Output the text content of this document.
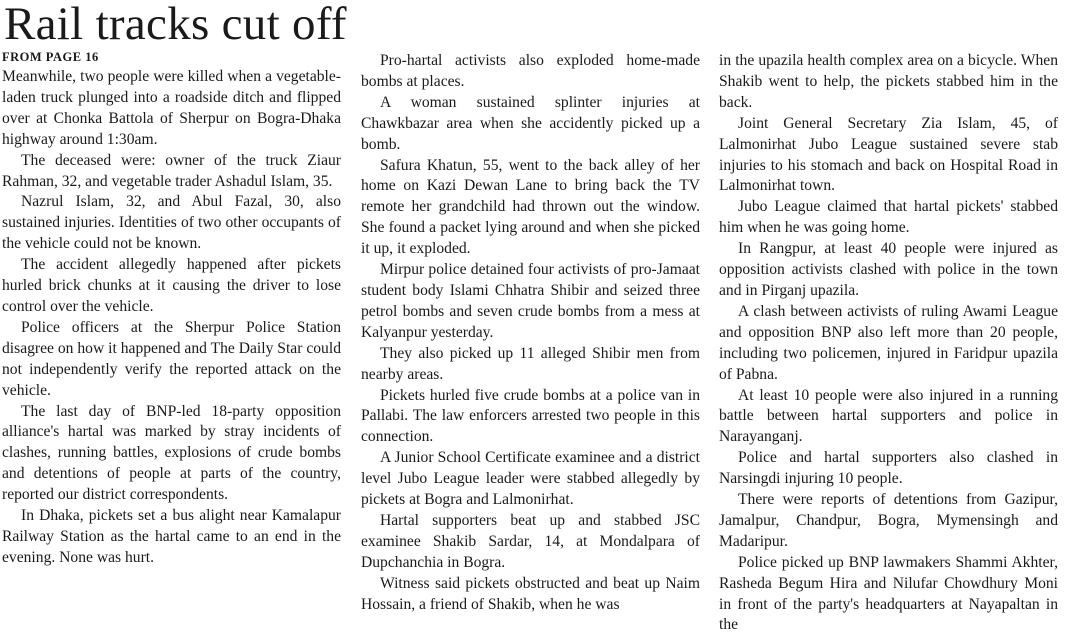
Rail tracks cut off
FROM PAGE 16

Meanwhile, two people were killed when a vegetable-laden truck plunged into a roadside ditch and flipped over at Chonka Battola of Sherpur on Bogra-Dhaka highway around 1:30am.

The deceased were: owner of the truck Ziaur Rahman, 32, and vegetable trader Ashadul Islam, 35.

Nazrul Islam, 32, and Abul Fazal, 30, also sustained injuries. Identities of two other occupants of the vehicle could not be known.

The accident allegedly happened after pickets hurled brick chunks at it causing the driver to lose control over the vehicle.

Police officers at the Sherpur Police Station disagree on how it happened and The Daily Star could not independently verify the reported attack on the vehicle.

The last day of BNP-led 18-party opposition alliance's hartal was marked by stray incidents of clashes, running battles, explosions of crude bombs and detentions of people at parts of the country, reported our district correspondents.

In Dhaka, pickets set a bus alight near Kamalapur Railway Station as the hartal came to an end in the evening. None was hurt.

Pro-hartal activists also exploded home-made bombs at places.

A woman sustained splinter injuries at Chawkbazar area when she accidently picked up a bomb.

Safura Khatun, 55, went to the back alley of her home on Kazi Dewan Lane to bring back the TV remote her grandchild had thrown out the window. She found a packet lying around and when she picked it up, it exploded.

Mirpur police detained four activists of pro-Jamaat student body Islami Chhatra Shibir and seized three petrol bombs and seven crude bombs from a mess at Kalyanpur yesterday.

They also picked up 11 alleged Shibir men from nearby areas.

Pickets hurled five crude bombs at a police van in Pallabi. The law enforcers arrested two people in this connection.

A Junior School Certificate examinee and a district level Jubo League leader were stabbed allegedly by pickets at Bogra and Lalmonirhat.

Hartal supporters beat up and stabbed JSC examinee Shakib Sardar, 14, at Mondalpara of Dupchanchia in Bogra.

Witness said pickets obstructed and beat up Naim Hossain, a friend of Shakib, when he was

in the upazila health complex area on a bicycle. When Shakib went to help, the pickets stabbed him in the back.

Joint General Secretary Zia Islam, 45, of Lalmonirhat Jubo League sustained severe stab injuries to his stomach and back on Hospital Road in Lalmonirhat town.

Jubo League claimed that hartal pickets' stabbed him when he was going home.

In Rangpur, at least 40 people were injured as opposition activists clashed with police in the town and in Pirganj upazila.

A clash between activists of ruling Awami League and opposition BNP also left more than 20 people, including two policemen, injured in Faridpur upazila of Pabna.

At least 10 people were also injured in a running battle between hartal supporters and police in Narayanganj.

Police and hartal supporters also clashed in Narsingdi injuring 10 people.

There were reports of detentions from Gazipur, Jamalpur, Chandpur, Bogra, Mymensingh and Madaripur.

Police picked up BNP lawmakers Shammi Akhter, Rasheda Begum Hira and Nilufar Chowdhury Moni in front of the party's headquarters at Nayapaltan in the
